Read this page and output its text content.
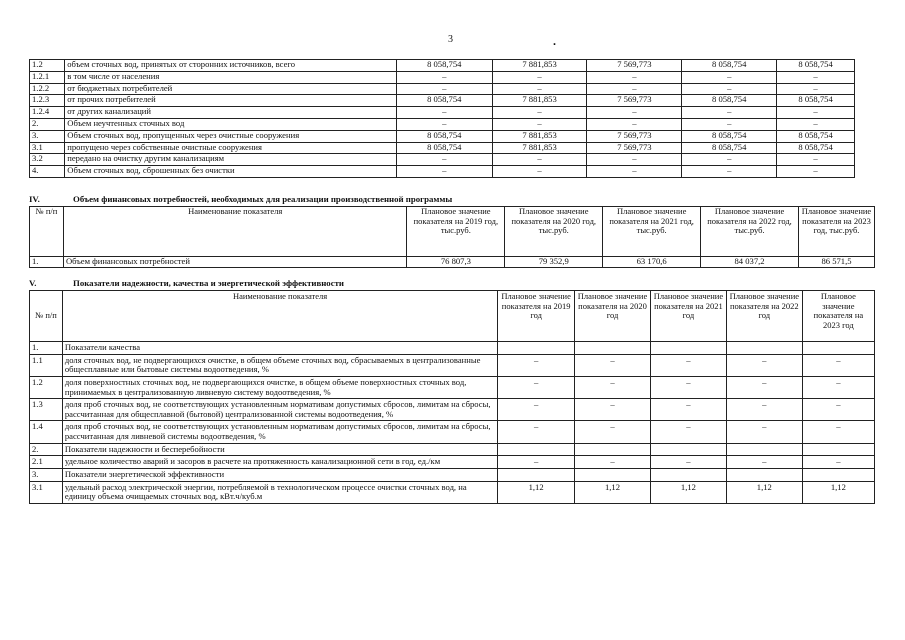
3	.
1.2	объем сточных вод, принятых от сторонних источников, всего	8 058,754	7 881,853	7 569,773	8 058,754	8 058,754
1.2.1	в том числе от населения	–	–	–	–	–
1.2.2	от бюджетных потребителей	–	–	–	–	–
1.2.3	от прочих потребителей	8 058,754	7 881,853	7 569,773	8 058,754	8 058,754
1.2.4	от других канализаций	–	–	–	–	–
2.	Объем неучтенных сточных вод	–	–	–	–	–
3.	Объем сточных вод, пропущенных через очистные сооружения	8 058,754	7 881,853	7 569,773	8 058,754	8 058,754
3.1	пропущено через собственные очистные сооружения	8 058,754	7 881,853	7 569,773	8 058,754	8 058,754
3.2	передано на очистку другим канализациям	–	–	–	–	–
4.	Объем сточных вод, сброшенных без очистки	–	–	–	–	–
IV.	Объем финансовых потребностей, необходимых для реализации производственной программы
№ п/п	Наименование показателя	Плановое значение показателя на 2019 год, тыс.руб.	Плановое значение показателя на 2020 год, тыс.руб.	Плановое значение показателя на 2021 год, тыс.руб.	Плановое значение показателя на 2022 год, тыс.руб.	Плановое значение показателя на 2023 год, тыс.руб.
1.	Объем финансовых потребностей	76 807,3	79 352,9	63 170,6	84 037,2	86 571,5
V.	Показатели надежности, качества и энергетической эффективности
№ п/п	Наименование показателя	Плановое значение показателя на 2019 год	Плановое значение показателя на 2020 год	Плановое значение показателя на 2021 год	Плановое значение показателя на 2022 год	Плановое значение показателя на 2023 год
1.	Показатели качества					
1.1	доля сточных вод, не подвергающихся очистке, в общем объеме сточных вод, сбрасываемых в централизованные общесплавные или бытовые системы водоотведения, %	–	–	–	–	–
1.2	доля поверхностных сточных вод, не подвергающихся очистке, в общем объеме поверхностных сточных вод, принимаемых в централизованную ливневую систему водоотведения, %	–	–	–	–	–
1.3	доля проб сточных вод, не соответствующих установленным нормативам допустимых сбросов, лимитам на сбросы, рассчитанная для общесплавной (бытовой) централизованной системы водоотведения, %	–	–	–	–	–
1.4	доля проб сточных вод, не соответствующих установленным нормативам допустимых сбросов, лимитам на сбросы, рассчитанная для ливневой системы водоотведения, %	–	–	–	–	–
2.	Показатели надежности и бесперебойности					
2.1	удельное количество аварий и засоров в расчете на протяженность канализационной сети в год, ед./км	–	–	–	–	–
3.	Показатели энергетической эффективности					
3.1	удельный расход электрической энергии, потребляемой в технологическом процессе очистки сточных вод, на единицу объема очищаемых сточных вод, кВт.ч/куб.м	1,12	1,12	1,12	1,12	1,12
